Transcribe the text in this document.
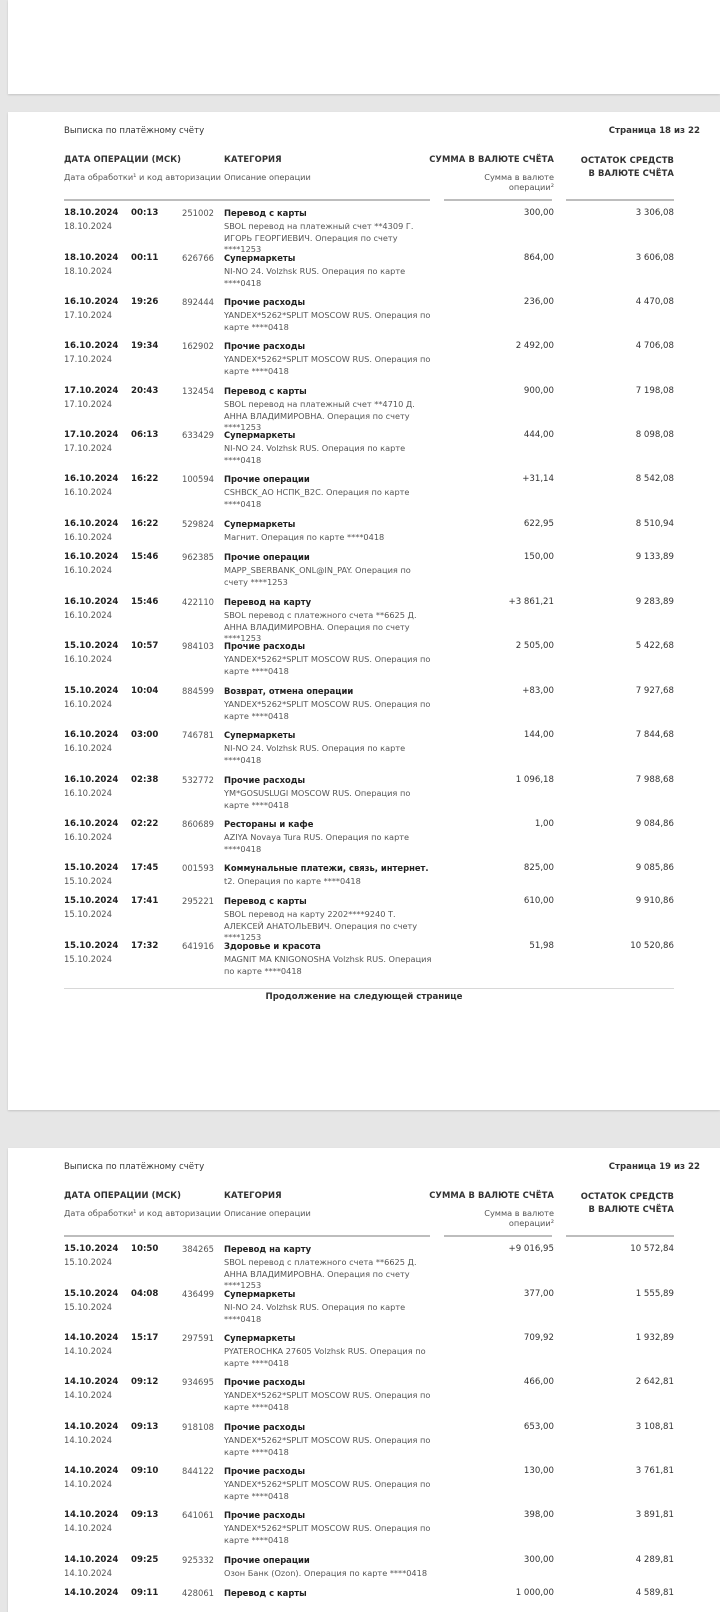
Выписка по платёжному счёту	Страница 18 из 22
ДАТА ОПЕРАЦИИ (МСК)
Дата обработки¹ и код авторизации
КАТЕГОРИЯ
Описание операции
СУММА В ВАЛЮТЕ СЧЁТА
Сумма в валюте
операции²
ОСТАТОК СРЕДСТВ
В ВАЛЮТЕ СЧЁТА
18.10.2024
18.10.2024
00:13	251002 Перевод с карты
SBOL перевод на платежный счет **4309 Г. ИГОРЬ ГЕОРГИЕВИЧ. Операция по счету ****1253
300,00	3 306,08
18.10.2024
18.10.2024
00:11	626766 Супермаркеты
NI-NO 24. Volzhsk RUS. Операция по карте ****0418
864,00	3 606,08
16.10.2024
17.10.2024
19:26	892444 Прочие расходы
YANDEX*5262*SPLIT MOSCOW RUS. Операция по карте ****0418
236,00	4 470,08
16.10.2024
17.10.2024
19:34	162902 Прочие расходы
YANDEX*5262*SPLIT MOSCOW RUS. Операция по карте ****0418
2 492,00	4 706,08
17.10.2024
17.10.2024
20:43	132454 Перевод с карты
SBOL перевод на платежный счет **4710 Д. АННА ВЛАДИМИРОВНА. Операция по счету ****1253
900,00	7 198,08
17.10.2024
17.10.2024
06:13	633429 Супермаркеты
NI-NO 24. Volzhsk RUS. Операция по карте ****0418
444,00	8 098,08
16.10.2024
16.10.2024
16:22	100594 Прочие операции
CSHBCK_АО НСПК_B2C. Операция по карте ****0418
+31,14	8 542,08
16.10.2024
16.10.2024
16:22	529824 Супермаркеты
Магнит. Операция по карте ****0418
622,95	8 510,94
16.10.2024
16.10.2024
15:46	962385 Прочие операции
MAPP_SBERBANK_ONL@IN_PAY. Операция по счету ****1253
150,00	9 133,89
16.10.2024
16.10.2024
15:46	422110 Перевод на карту
SBOL перевод с платежного счета **6625 Д. АННА ВЛАДИМИРОВНА. Операция по счету ****1253
+3 861,21	9 283,89
15.10.2024
16.10.2024
10:57	984103 Прочие расходы
YANDEX*5262*SPLIT MOSCOW RUS. Операция по карте ****0418
2 505,00	5 422,68
15.10.2024
16.10.2024
10:04	884599 Возврат, отмена операции
YANDEX*5262*SPLIT MOSCOW RUS. Операция по карте ****0418
+83,00	7 927,68
16.10.2024
16.10.2024
03:00	746781 Супермаркеты
NI-NO 24. Volzhsk RUS. Операция по карте ****0418
144,00	7 844,68
16.10.2024
16.10.2024
02:38	532772 Прочие расходы
YM*GOSUSLUGI MOSCOW RUS. Операция по карте ****0418
1 096,18	7 988,68
16.10.2024
16.10.2024
02:22	860689 Рестораны и кафе
AZIYA Novaya Tura RUS. Операция по карте ****0418
1,00	9 084,86
15.10.2024
15.10.2024
17:45	001593 Коммунальные платежи, связь, интернет.
t2. Операция по карте ****0418
825,00	9 085,86
15.10.2024
15.10.2024
17:41	295221 Перевод с карты
SBOL перевод на карту 2202****9240 Т. АЛЕКСЕЙ АНАТОЛЬЕВИЧ. Операция по счету ****1253
610,00	9 910,86
15.10.2024
15.10.2024
17:32	641916 Здоровье и красота
MAGNIT MA KNIGONOSHA Volzhsk RUS. Операция по карте ****0418
51,98	10 520,86
Продолжение на следующей странице
Выписка по платёжному счёту	Страница 19 из 22
ДАТА ОПЕРАЦИИ (МСК)
Дата обработки¹ и код авторизации
КАТЕГОРИЯ
Описание операции
СУММА В ВАЛЮТЕ СЧЁТА
Сумма в валюте
операции²
ОСТАТОК СРЕДСТВ
В ВАЛЮТЕ СЧЁТА
15.10.2024
15.10.2024
10:50	384265 Перевод на карту
SBOL перевод с платежного счета **6625 Д. АННА ВЛАДИМИРОВНА. Операция по счету ****1253
+9 016,95	10 572,84
15.10.2024
15.10.2024
04:08	436499 Супермаркеты
NI-NO 24. Volzhsk RUS. Операция по карте ****0418
377,00	1 555,89
14.10.2024
14.10.2024
15:17	297591 Супермаркеты
PYATEROCHKA 27605 Volzhsk RUS. Операция по карте ****0418
709,92	1 932,89
14.10.2024
14.10.2024
09:12	934695 Прочие расходы
YANDEX*5262*SPLIT MOSCOW RUS. Операция по карте ****0418
466,00	2 642,81
14.10.2024
14.10.2024
09:13	918108 Прочие расходы
YANDEX*5262*SPLIT MOSCOW RUS. Операция по карте ****0418
653,00	3 108,81
14.10.2024
14.10.2024
09:10	844122 Прочие расходы
YANDEX*5262*SPLIT MOSCOW RUS. Операция по карте ****0418
130,00	3 761,81
14.10.2024
14.10.2024
09:13	641061 Прочие расходы
YANDEX*5262*SPLIT MOSCOW RUS. Операция по карте ****0418
398,00	3 891,81
14.10.2024
14.10.2024
09:25	925332 Прочие операции
Озон Банк (Ozon). Операция по карте ****0418
300,00	4 289,81
14.10.2024 09:11	428061 Перевод с карты	1 000,00	4 589,81
